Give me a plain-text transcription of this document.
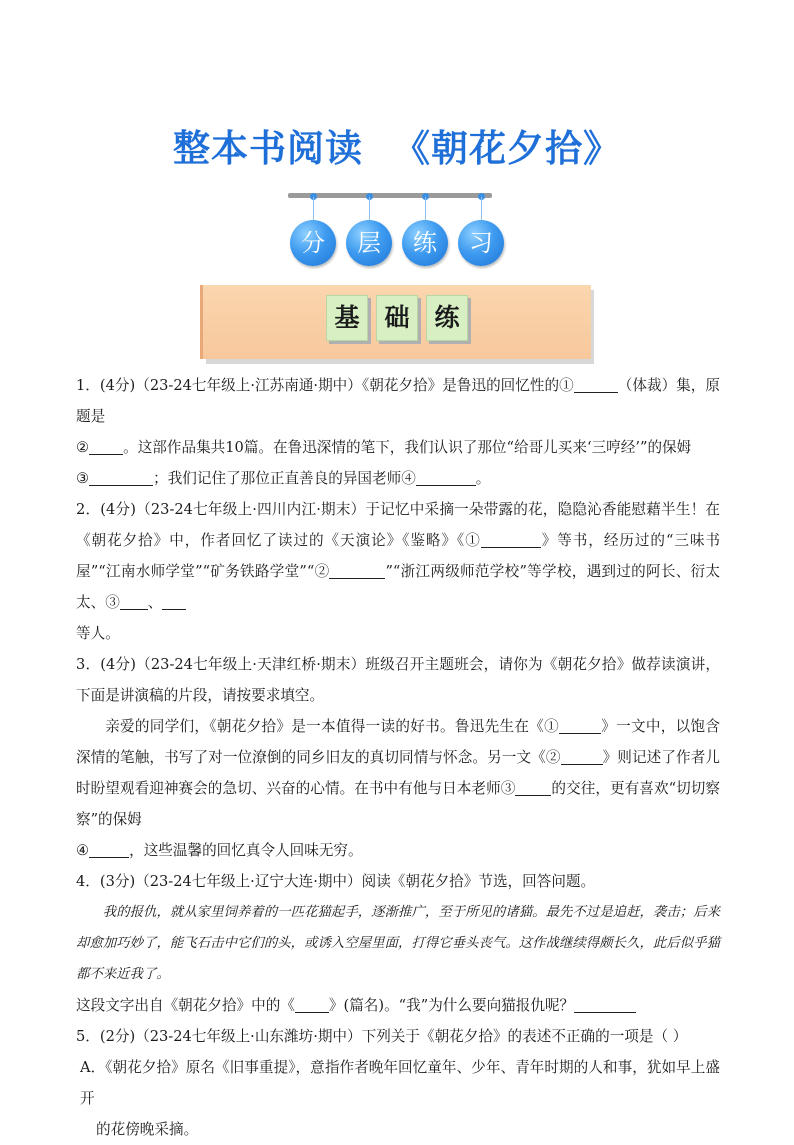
整本书阅读 《朝花夕拾》
分	层	练	习
基 础 练

1．(4分)（23-24七年级上·江苏南通·期中）《朝花夕拾》是鲁迅的回忆性的①	（体裁）集，原题是
② 。这部作品集共10篇。在鲁迅深情的笔下，我们认识了那位“给哥儿买来‘三哼经’”的保姆
③	；我们记住了那位正直善良的异国老师④	。

2．(4分)（23-24七年级上·四川内江·期末）于记忆中采摘一朵带露的花，隐隐沁香能慰藉半生！在《朝花夕拾》中，作者回忆了读过的《天演论》《鉴略》《①	》等书，经历过的“三味书屋”“江南水师学堂”“矿务铁路学堂”“②	”“浙江两级师范学校”等学校，遇到过的阿长、衍太太、③ 、
等人。

3．(4分)（23-24七年级上·天津红桥·期末）班级召开主题班会，请你为《朝花夕拾》做荐读演讲，下面是讲演稿的片段，请按要求填空。

亲爱的同学们，《朝花夕拾》是一本值得一读的好书。鲁迅先生在《①	》一文中，以饱含深情的笔触，书写了对一位潦倒的同乡旧友的真切同情与怀念。另一文《②	》则记述了作者儿时盼望观看迎神赛会的急切、兴奋的心情。在书中有他与日本老师③ 的交往，更有喜欢“切切察察”的保姆
④	，这些温馨的回忆真令人回味无穷。

4．(3分)（23-24七年级上·辽宁大连·期中）阅读《朝花夕拾》节选，回答问题。

我的报仇，就从家里饲养着的一匹花猫起手，逐渐推广，至于所见的诸猫。最先不过是追赶，袭击；后来却愈加巧妙了，能飞石击中它们的头，或诱入空屋里面，打得它垂头丧气。这作战继续得颇长久，此后似乎猫都不来近我了。

这段文字出自《朝花夕拾》中的《 》(篇名)。“我”为什么要向猫报仇呢？

5．(2分)（23-24七年级上·山东潍坊·期中）下列关于《朝花夕拾》的表述不正确的一项是（ ）

A．《朝花夕拾》原名《旧事重提》，意指作者晚年回忆童年、少年、青年时期的人和事，犹如早上盛开

的花傍晚采摘。
